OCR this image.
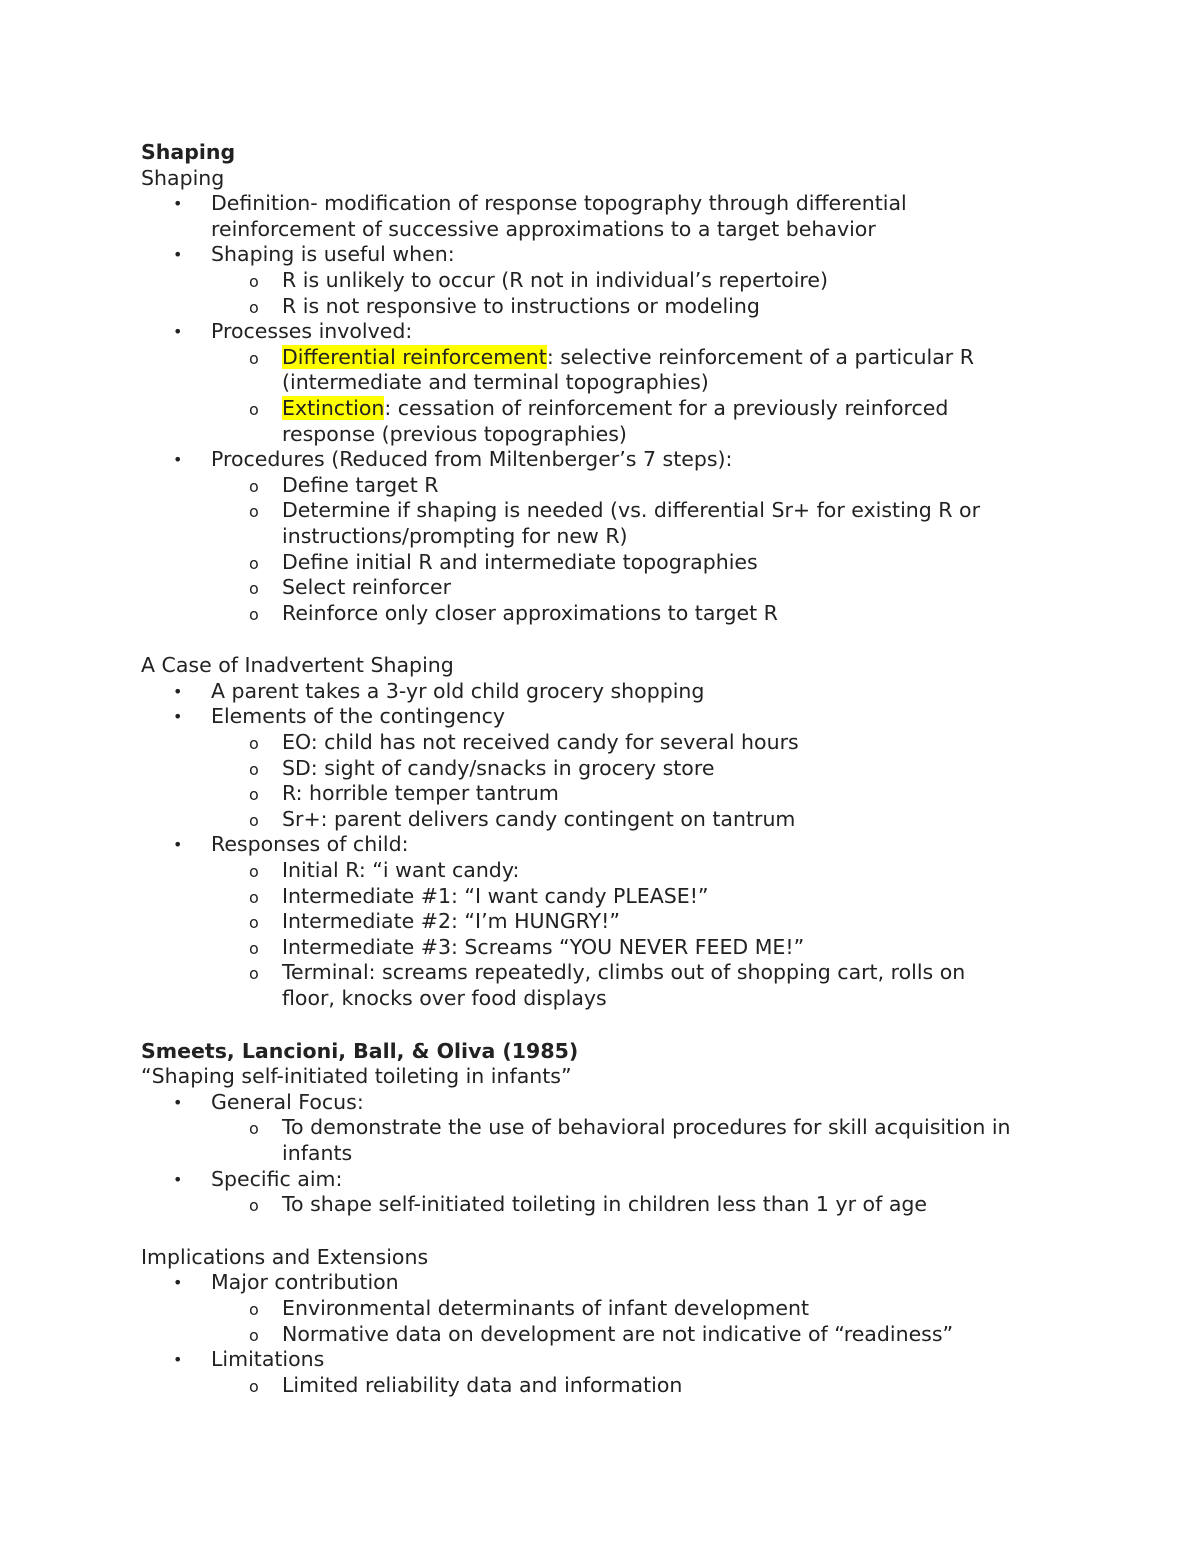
Shaping
Shaping
• Definition- modification of response topography through differential
reinforcement of successive approximations to a target behavior
• Shaping is useful when:
o R is unlikely to occur (R not in individual’s repertoire)
o R is not responsive to instructions or modeling
• Processes involved:
o Differential reinforcement: selective reinforcement of a particular R
(intermediate and terminal topographies)
o Extinction: cessation of reinforcement for a previously reinforced
response (previous topographies)
• Procedures (Reduced from Miltenberger’s 7 steps):
o Define target R
o Determine if shaping is needed (vs. differential Sr+ for existing R or
instructions/prompting for new R)
o Define initial R and intermediate topographies
o Select reinforcer
o Reinforce only closer approximations to target R
A Case of Inadvertent Shaping
• A parent takes a 3-yr old child grocery shopping
• Elements of the contingency
o EO: child has not received candy for several hours
o SD: sight of candy/snacks in grocery store
o R: horrible temper tantrum
o Sr+: parent delivers candy contingent on tantrum
• Responses of child:
o Initial R: “i want candy:
o Intermediate #1: “I want candy PLEASE!”
o Intermediate #2: “I’m HUNGRY!”
o Intermediate #3: Screams “YOU NEVER FEED ME!”
o Terminal: screams repeatedly, climbs out of shopping cart, rolls on
floor, knocks over food displays
Smeets, Lancioni, Ball, & Oliva (1985)
“Shaping self-initiated toileting in infants”
• General Focus:
o To demonstrate the use of behavioral procedures for skill acquisition in
infants
• Specific aim:
o To shape self-initiated toileting in children less than 1 yr of age
Implications and Extensions
• Major contribution
o Environmental determinants of infant development
o Normative data on development are not indicative of “readiness”
• Limitations
o Limited reliability data and information
